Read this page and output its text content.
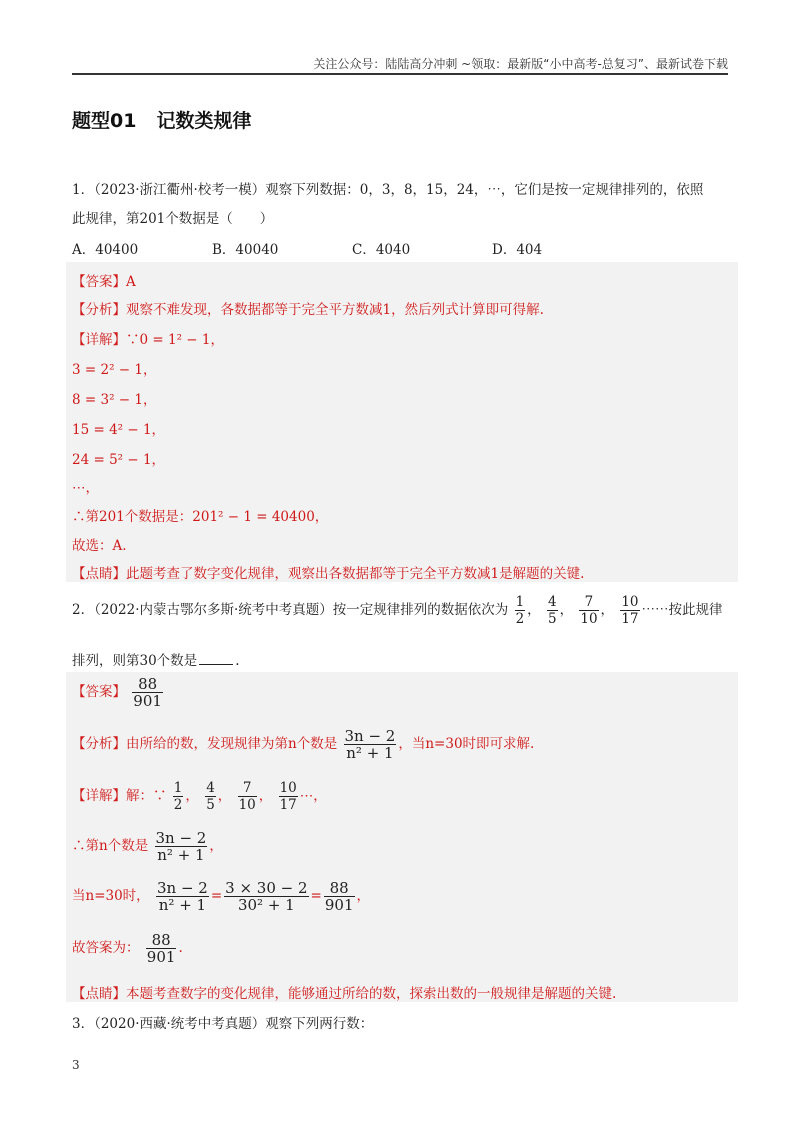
关注公众号：陆陆高分冲刺 ~领取：最新版“小中高考-总复习”、最新试卷下载
题型01 记数类规律
1．（2023·浙江衢州·校考一模）观察下列数据：0，3，8，15，24，⋯，它们是按一定规律排列的，依照
此规律，第201个数据是（　　）
A．40400	B．40040	C．4040	D．404
【答案】A
【分析】观察不难发现，各数据都等于完全平方数减1，然后列式计算即可得解.
【详解】∵0 = 1² − 1，
3 = 2² − 1，
8 = 3² − 1，
15 = 4² − 1，
24 = 5² − 1，
⋯，
∴第201个数据是：201² − 1 = 40400，
故选：A.
【点睛】此题考查了数字变化规律，观察出各数据都等于完全平方数减1是解题的关键.
2．（2022·内蒙古鄂尔多斯·统考中考真题）按一定规律排列的数据依次为 $\frac{1}{2}$ ， $\frac{4}{5}$ ， $\frac{7}{10}$ ， $\frac{10}{17}$ ⋯⋯按此规律
排列，则第30个数是	.
【答案】 $\frac{88}{901}$
【分析】由所给的数，发现规律为第n个数是 $\frac{3n - 2}{\text{n² + 1}}$ ，当n=30时即可求解.
【详解】解：∵ $\frac{1}{2}$ ， $\frac{4}{5}$ ， $\frac{7}{10}$ ， $\frac{10}{17}$ ⋯，
∴第n个数是 $\frac{3n - 2}{\text{n² + 1}}$ ，
当n=30时， $\frac{3n - 2}{\text{n² + 1}} = \frac{3 \times 30 - 2}{\text{30² + 1}} = \frac{88}{901}$ ，
故答案为： $\frac{88}{901}$ .
【点睛】本题考查数字的变化规律，能够通过所给的数，探索出数的一般规律是解题的关键.
3．（2020·西藏·统考中考真题）观察下列两行数：
3
